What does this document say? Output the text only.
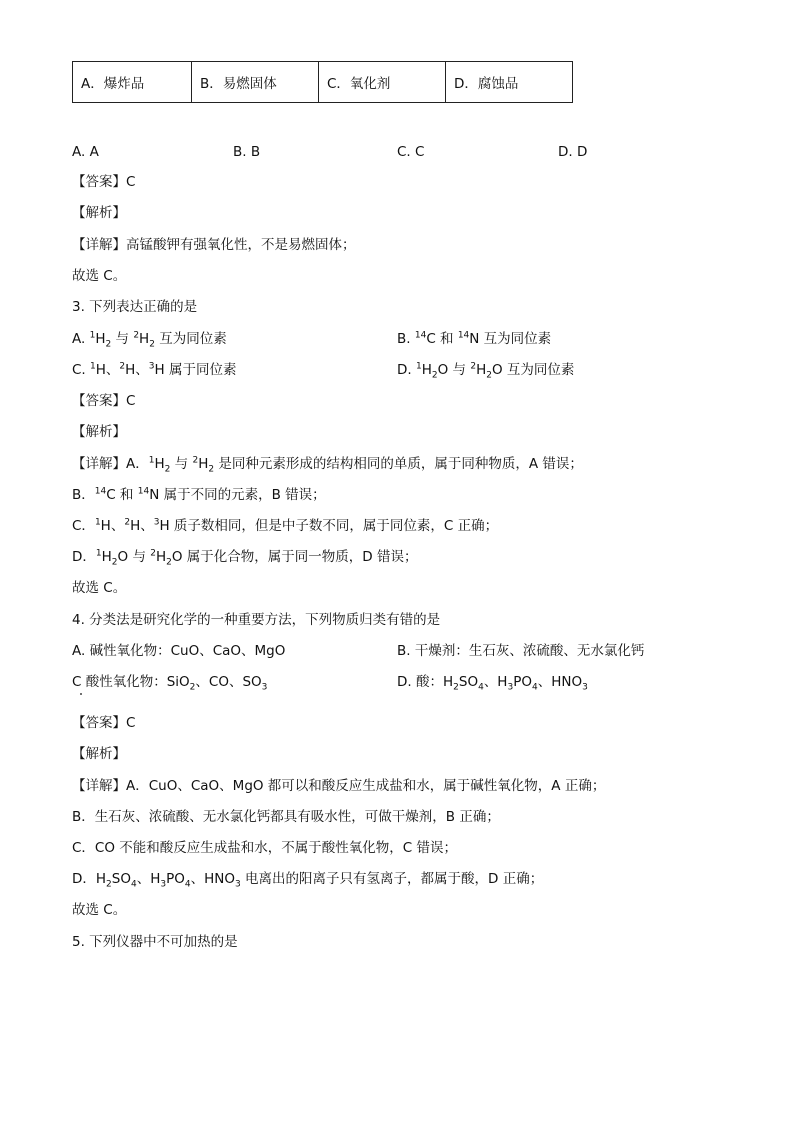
A．爆炸品	B．易燃固体	C．氧化剂	D．腐蚀品
A. A	B. B	C. C	D. D
【答案】C
【解析】
【详解】高锰酸钾有强氧化性，不是易燃固体；
故选 C。
3. 下列表达正确的是
A. $^1H_2$ 与 $^2H_2$ 互为同位素	B. $^{14}$C 和 $^{14}$N 互为同位素
C. $^1$H、$^2$H、$^3$H 属于同位素	D. $^1H_2O$ 与 $^2H_2O$ 互为同位素
【答案】C
【解析】
【详解】A．$^1H_2$ 与 $^2H_2$ 是同种元素形成的结构相同的单质，属于同种物质，A 错误；
B．$^{14}$C 和 $^{14}$N 属于不同的元素，B 错误；
C．$^1$H、$^2$H、$^3$H 质子数相同，但是中子数不同，属于同位素，C 正确；
D．$^1H_2O$ 与 $^2H_2O$ 属于化合物，属于同一物质，D 错误；
故选 C。
4. 分类法是研究化学的一种重要方法，下列物质归类有错的是
A. 碱性氧化物：CuO、CaO、MgO	B. 干燥剂：生石灰、浓硫酸、无水氯化钙
C 酸性氧化物：SiO$_2$、CO、$SO_3$	D. 酸：$H_2SO_4$、$H_3PO_4$、$HNO_3$
【答案】C
【解析】
【详解】A．CuO、CaO、MgO 都可以和酸反应生成盐和水，属于碱性氧化物，A 正确；
B．生石灰、浓硫酸、无水氯化钙都具有吸水性，可做干燥剂，B 正确；
C．CO 不能和酸反应生成盐和水，不属于酸性氧化物，C 错误；
D．$H_2SO_4$、$H_3PO_4$、$HNO_3$ 电离出的阳离子只有氢离子，都属于酸，D 正确；
故选 C。
5. 下列仪器中不可加热的是
